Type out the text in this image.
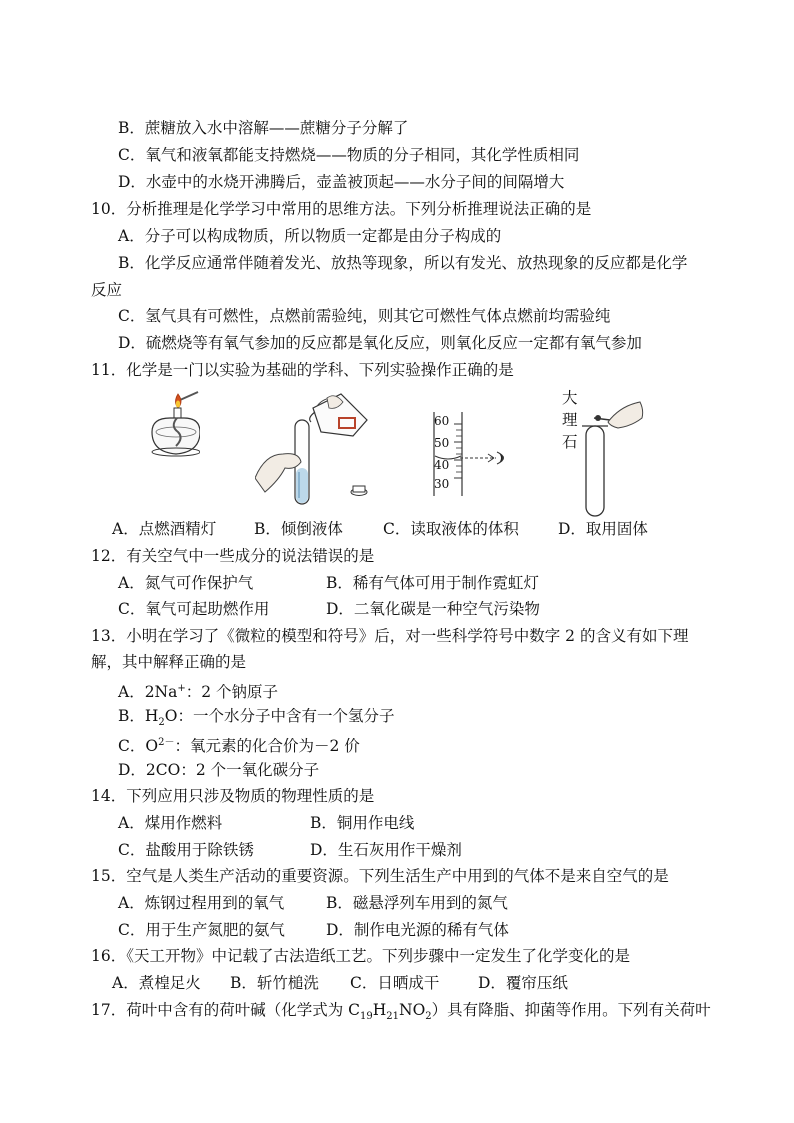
B．蔗糖放入水中溶解——蔗糖分子分解了
C．氧气和液氧都能支持燃烧——物质的分子相同，其化学性质相同
D．水壶中的水烧开沸腾后，壶盖被顶起——水分子间的间隔增大
10．分析推理是化学学习中常用的思维方法。下列分析推理说法正确的是
A．分子可以构成物质，所以物质一定都是由分子构成的
B．化学反应通常伴随着发光、放热等现象，所以有发光、放热现象的反应都是化学
反应
C．氢气具有可燃性，点燃前需验纯，则其它可燃性气体点燃前均需验纯
D．硫燃烧等有氧气参加的反应都是氧化反应，则氧化反应一定都有氧气参加
11．化学是一门以实验为基础的学科、下列实验操作正确的是
60
50
40
30
大
理
石
A．点燃酒精灯 B．倾倒液体	C．读取液体的体积	D．取用固体
12．有关空气中一些成分的说法错误的是
A．氮气可作保护气	B．稀有气体可用于制作霓虹灯
C．氧气可起助燃作用	D．二氧化碳是一种空气污染物
13．小明在学习了《微粒的模型和符号》后，对一些科学符号中数字 2 的含义有如下理
解，其中解释正确的是
A．2Na+：2 个钠原子
B．$H_2O$：一个水分子中含有一个氢分子
C．$O^{2-}$：氧元素的化合价为－2 价
D．2CO：2 个一氧化碳分子
14．下列应用只涉及物质的物理性质的是
A．煤用作燃料	B．铜用作电线
C．盐酸用于除铁锈	D．生石灰用作干燥剂
15．空气是人类生产活动的重要资源。下列生活生产中用到的气体不是来自空气的是
A．炼钢过程用到的氧气	B．磁悬浮列车用到的氮气
C．用于生产氮肥的氨气	D．制作电光源的稀有气体
16．《天工开物》中记载了古法造纸工艺。下列步骤中一定发生了化学变化的是
A．煮楻足火 B．斩竹槌洗 C．日晒成干 D．覆帘压纸
17．荷叶中含有的荷叶碱（化学式为 $C_{19}H_{21}NO_2$）具有降脂、抑菌等作用。下列有关荷叶
